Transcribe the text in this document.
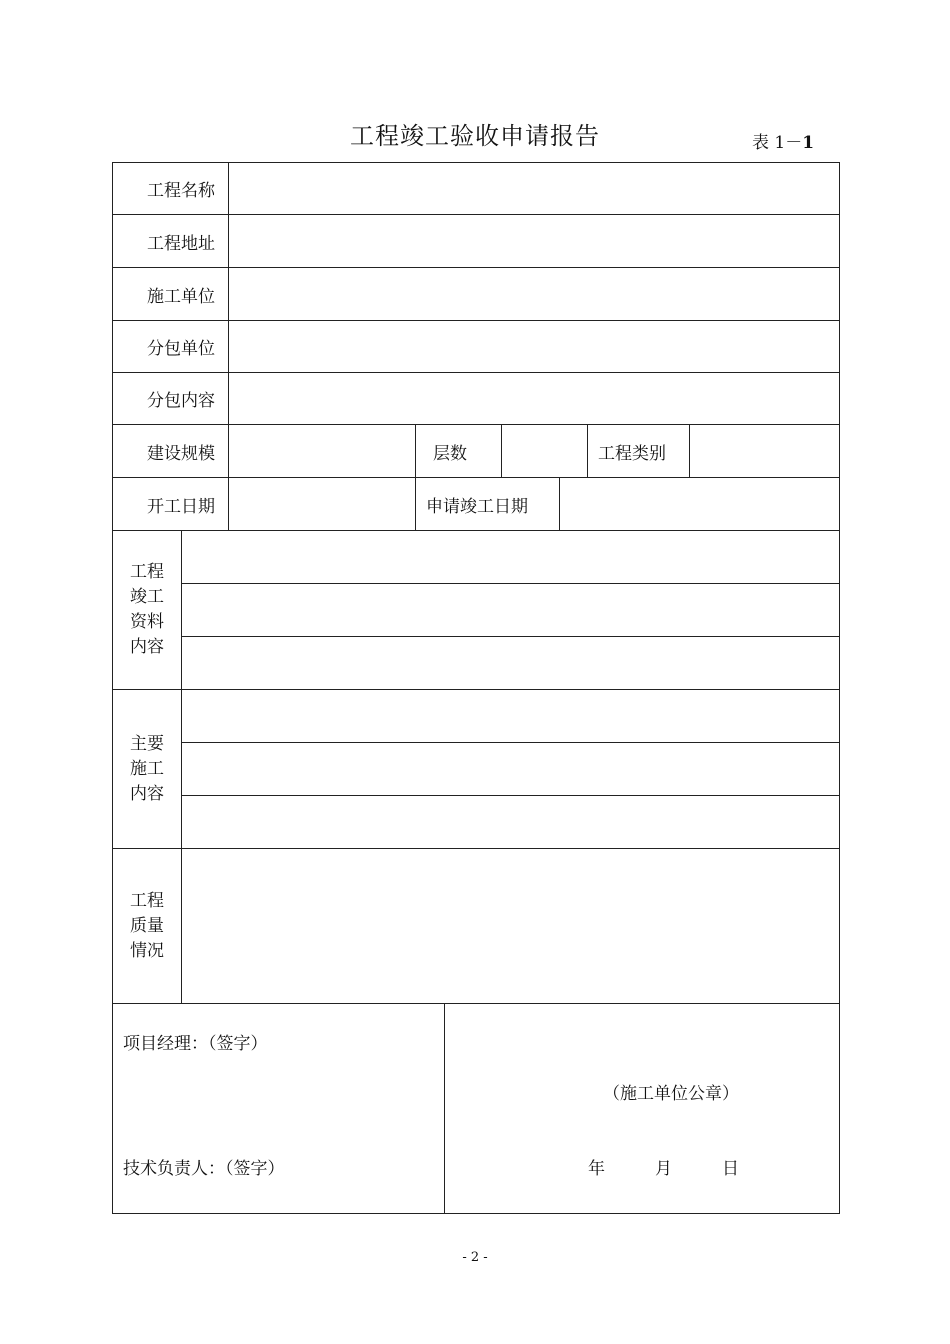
工程竣工验收申请报告	表 1－1
工程名称
工程地址
施工单位
分包单位
分包内容
建设规模	层数	工程类别
开工日期	申请竣工日期
工程
竣工
资料
内容
主要
施工
内容
工程
质量
情况
项目经理：（签字）
技术负责人：（签字）
（施工单位公章）
年	月	日
- 2 -
